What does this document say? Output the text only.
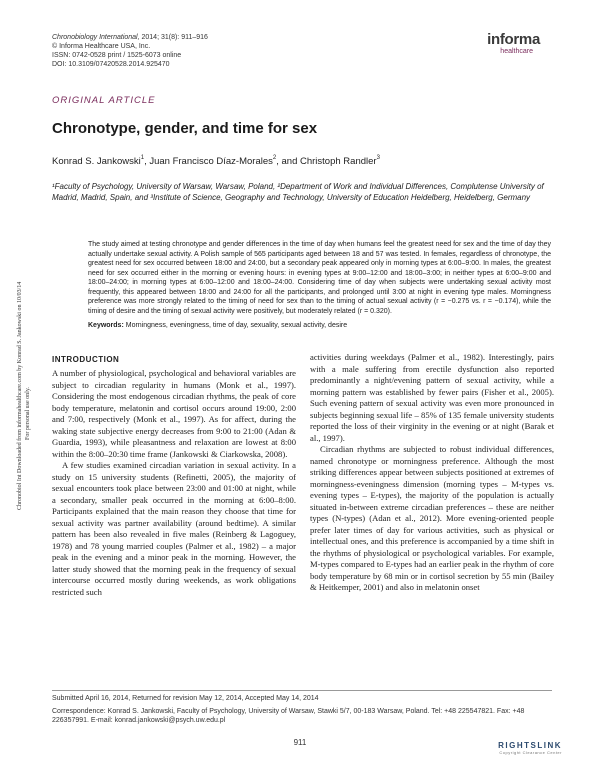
Chronobiology International, 2014; 31(8): 911–916
© Informa Healthcare USA, Inc.
ISSN: 0742-0528 print / 1525-6073 online
DOI: 10.3109/07420528.2014.925470
informa
healthcare
Chronobiol Int Downloaded from informahealthcare.com by Konrad S. Jankowski on 10/03/14 For personal use only.
ORIGINAL ARTICLE
Chronotype, gender, and time for sex
Konrad S. Jankowski$^1$, Juan Francisco Díaz-Morales$^2$, and Christoph Randler$^3$
¹Faculty of Psychology, University of Warsaw, Warsaw, Poland, ²Department of Work and Individual Differences, Complutense University of Madrid, Madrid, Spain, and ³Institute of Science, Geography and Technology, University of Education Heidelberg, Heidelberg, Germany
The study aimed at testing chronotype and gender differences in the time of day when humans feel the greatest need for sex and the time of day they actually undertake sexual activity. A Polish sample of 565 participants aged between 18 and 57 was tested. In females, regardless of chronotype, the greatest need for sex occurred between 18:00 and 24:00, but a secondary peak appeared only in morning types at 6:00–9:00. In males, the greatest need for sex occurred either in the morning or evening hours: in evening types at 9:00–12:00 and 18:00–3:00; in neither types at 6:00–9:00 and 18:00–24:00; in morning types at 6:00–12:00 and 18:00–24:00. Considering time of day when subjects were undertaking sexual activity most frequently, this appeared between 18:00 and 24:00 for all the participants, and prolonged until 3:00 at night in evening type males. Morningness preference was more strongly related to the timing of need for sex than to the timing of actual sexual activity (r = −0.275 vs. r = −0.174), while the timing of desire and the timing of sexual activity were positively, but moderately related (r = 0.320).
Keywords: Morningness, eveningness, time of day, sexuality, sexual activity, desire
INTRODUCTION

A number of physiological, psychological and behavioral variables are subject to circadian regularity in humans (Monk et al., 1997). Considering the most endogenous circadian rhythms, the peak of core body temperature, melatonin and cortisol occurs around 19:00, 2:00 and 7:00, respectively (Monk et al., 1997). As for affect, during the waking state subjective energy decreases from 9:00 to 21:00 (Adan & Guardia, 1993), while pleasantness and relaxation are lowest at 8:00 within the 8:00–20:30 time frame (Jankowski & Ciarkowska, 2008).

A few studies examined circadian variation in sexual activity. In a study on 15 university students (Refinetti, 2005), the majority of sexual encounters took place between 23:00 and 01:00 at night, while a secondary, smaller peak occurred in the morning at 6:00–8:00. Participants explained that the main reason they choose that time for sexual activity was partner availability (around bedtime). A similar pattern has been also revealed in five males (Reinberg & Lagoguey, 1978) and 78 young married couples (Palmer et al., 1982) – a major peak in the evening and a minor peak in the morning. However, the latter study showed that the morning peak in the frequency of sexual intercourse occurred mostly during weekends, as work obligations restricted such

activities during weekdays (Palmer et al., 1982). Interestingly, pairs with a male suffering from erectile dysfunction also reported predominantly a night/evening pattern of sexual activity, while a morning pattern was established by fewer pairs (Fisher et al., 2005). Such evening pattern of sexual activity was even more pronounced in subjects beginning sexual life – 85% of 135 female university students reported the loss of their virginity in the evening or at night (Barak et al., 1997).

Circadian rhythms are subjected to robust individual differences, named chronotype or morningness preference. Although the most striking differences appear between subjects positioned at extremes of morningness-eveningness dimension (morning types – M-types vs. evening types – E-types), the majority of the population is actually situated in-between extreme circadian preferences – these are neither types (N-types) (Adan et al., 2012). More evening-oriented people prefer later times of day for various activities, such as physical or intellectual ones, and this preference is accompanied by a time shift in the rhythms of physiological or psychological variables. For example, M-types compared to E-types had an earlier peak in the rhythm of core body temperature by 68 min or in cortisol secretion by 55 min (Bailey & Heitkemper, 2001) and also in melatonin onset

Submitted April 16, 2014, Returned for revision May 12, 2014, Accepted May 14, 2014
Correspondence: Konrad S. Jankowski, Faculty of Psychology, University of Warsaw, Stawki 5/7, 00-183 Warsaw, Poland. Tel: +48 225547821. Fax: +48 226357991. E-mail: konrad.jankowski@psych.uw.edu.pl
911	RIGHTSLINK
Copyright Clearance Center
